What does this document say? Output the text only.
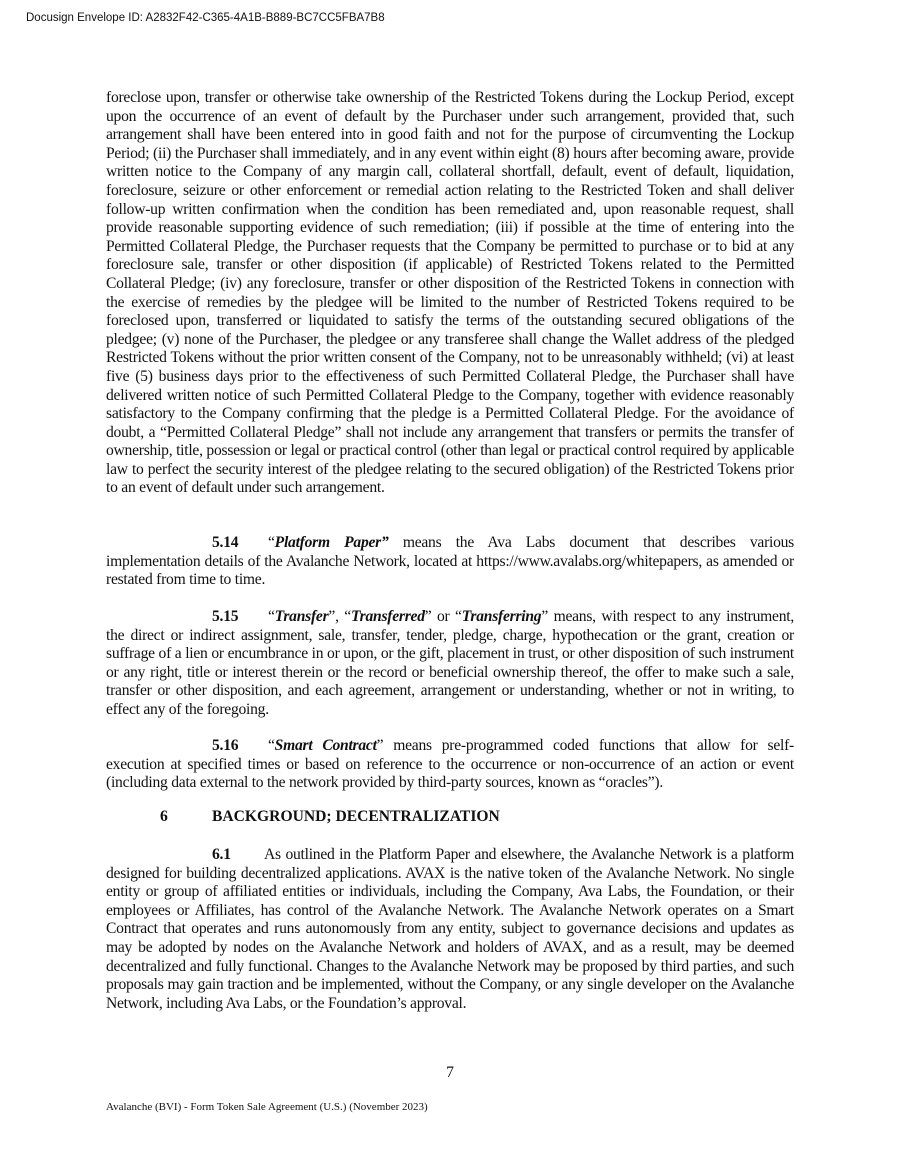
Docusign Envelope ID: A2832F42-C365-4A1B-B889-BC7CC5FBA7B8

foreclose upon, transfer or otherwise take ownership of the Restricted Tokens during the Lockup Period, except upon the occurrence of an event of default by the Purchaser under such arrangement, provided that, such arrangement shall have been entered into in good faith and not for the purpose of circumventing the Lockup Period; (ii) the Purchaser shall immediately, and in any event within eight (8) hours after becoming aware, provide written notice to the Company of any margin call, collateral shortfall, default, event of default, liquidation, foreclosure, seizure or other enforcement or remedial action relating to the Restricted Token and shall deliver follow-up written confirmation when the condition has been remediated and, upon reasonable request, shall provide reasonable supporting evidence of such remediation; (iii) if possible at the time of entering into the Permitted Collateral Pledge, the Purchaser requests that the Company be permitted to purchase or to bid at any foreclosure sale, transfer or other disposition (if applicable) of Restricted Tokens related to the Permitted Collateral Pledge; (iv) any foreclosure, transfer or other disposition of the Restricted Tokens in connection with the exercise of remedies by the pledgee will be limited to the number of Restricted Tokens required to be foreclosed upon, transferred or liquidated to satisfy the terms of the outstanding secured obligations of the pledgee; (v) none of the Purchaser, the pledgee or any transferee shall change the Wallet address of the pledged Restricted Tokens without the prior written consent of the Company, not to be unreasonably withheld; (vi) at least five (5) business days prior to the effectiveness of such Permitted Collateral Pledge, the Purchaser shall have delivered written notice of such Permitted Collateral Pledge to the Company, together with evidence reasonably satisfactory to the Company confirming that the pledge is a Permitted Collateral Pledge. For the avoidance of doubt, a “Permitted Collateral Pledge” shall not include any arrangement that transfers or permits the transfer of ownership, title, possession or legal or practical control (other than legal or practical control required by applicable law to perfect the security interest of the pledgee relating to the secured obligation) of the Restricted Tokens prior to an event of default under such arrangement.

5.14 “Platform Paper” means the Ava Labs document that describes various implementation details of the Avalanche Network, located at https://www.avalabs.org/whitepapers, as amended or restated from time to time.

5.15 “Transfer”, “Transferred” or “Transferring” means, with respect to any instrument, the direct or indirect assignment, sale, transfer, tender, pledge, charge, hypothecation or the grant, creation or suffrage of a lien or encumbrance in or upon, or the gift, placement in trust, or other disposition of such instrument or any right, title or interest therein or the record or beneficial ownership thereof, the offer to make such a sale, transfer or other disposition, and each agreement, arrangement or understanding, whether or not in writing, to effect any of the foregoing.

5.16 “Smart Contract” means pre-programmed coded functions that allow for self-execution at specified times or based on reference to the occurrence or non-occurrence of an action or event (including data external to the network provided by third-party sources, known as “oracles”).

6	BACKGROUND; DECENTRALIZATION

6.1 As outlined in the Platform Paper and elsewhere, the Avalanche Network is a platform designed for building decentralized applications. AVAX is the native token of the Avalanche Network. No single entity or group of affiliated entities or individuals, including the Company, Ava Labs, the Foundation, or their employees or Affiliates, has control of the Avalanche Network. The Avalanche Network operates on a Smart Contract that operates and runs autonomously from any entity, subject to governance decisions and updates as may be adopted by nodes on the Avalanche Network and holders of AVAX, and as a result, may be deemed decentralized and fully functional. Changes to the Avalanche Network may be proposed by third parties, and such proposals may gain traction and be implemented, without the Company, or any single developer on the Avalanche Network, including Ava Labs, or the Foundation’s approval.

7
Avalanche (BVI) - Form Token Sale Agreement (U.S.) (November 2023)
